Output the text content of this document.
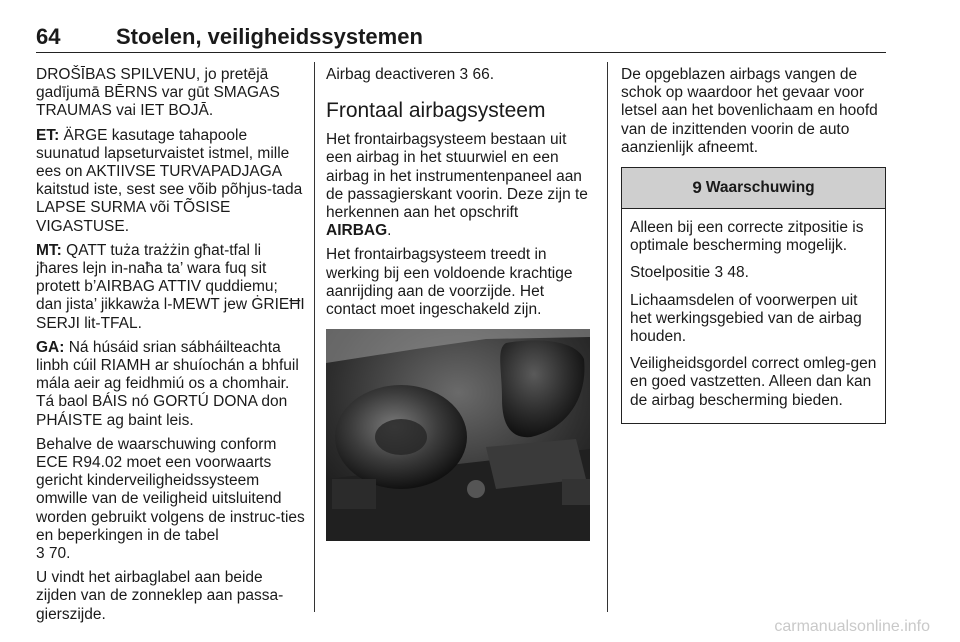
64	Stoelen, veiligheidssystemen

DROŠĪBAS SPILVENU, jo pretējā gadījumā BĒRNS var gūt SMAGAS TRAUMAS vai IET BOJĀ.

ET: ÄRGE kasutage tahapoole suunatud lapseturvaistet istmel, mille ees on AKTIIVSE TURVAPADJAGA kaitstud iste, sest see võib põhjus-tada LAPSE SURMA või TÕSISE VIGASTUSE.

MT: QATT tuża trażżin għat-tfal li jħares lejn in-naħa ta’ wara fuq sit protett b’AIRBAG ATTIV quddiemu; dan jista’ jikkawża l-MEWT jew ĠRIEĦI SERJI lit-TFAL.

GA: Ná húsáid srian sábháilteachta linbh cúil RIAMH ar shuíochán a bhfuil mála aeir ag feidhmiú os a chomhair. Tá baol BÁIS nó GORTÚ DONA don PHÁISTE ag baint leis.

Behalve de waarschuwing conform ECE R94.02 moet een voorwaarts gericht kinderveiligheidssysteem omwille van de veiligheid uitsluitend worden gebruikt volgens de instruc-ties en beperkingen in de tabel
3 70.

U vindt het airbaglabel aan beide zijden van de zonneklep aan passa-gierszijde.

Airbag deactiveren 3 66.

Frontaal airbagsysteem

Het frontairbagsysteem bestaan uit een airbag in het stuurwiel en een airbag in het instrumentenpaneel aan de passagierskant voorin. Deze zijn te herkennen aan het opschrift
AIRBAG.

Het frontairbagsysteem treedt in werking bij een voldoende krachtige aanrijding aan de voorzijde. Het contact moet ingeschakeld zijn.

De opgeblazen airbags vangen de schok op waardoor het gevaar voor letsel aan het bovenlichaam en hoofd van de inzittenden voorin de auto aanzienlijk afneemt.

9 Waarschuwing

Alleen bij een correcte zitpositie is optimale bescherming mogelijk.

Stoelpositie 3 48.

Lichaamsdelen of voorwerpen uit het werkingsgebied van de airbag houden.

Veiligheidsgordel correct omleg-gen en goed vastzetten. Alleen dan kan de airbag bescherming bieden.

carmanualsonline.info
